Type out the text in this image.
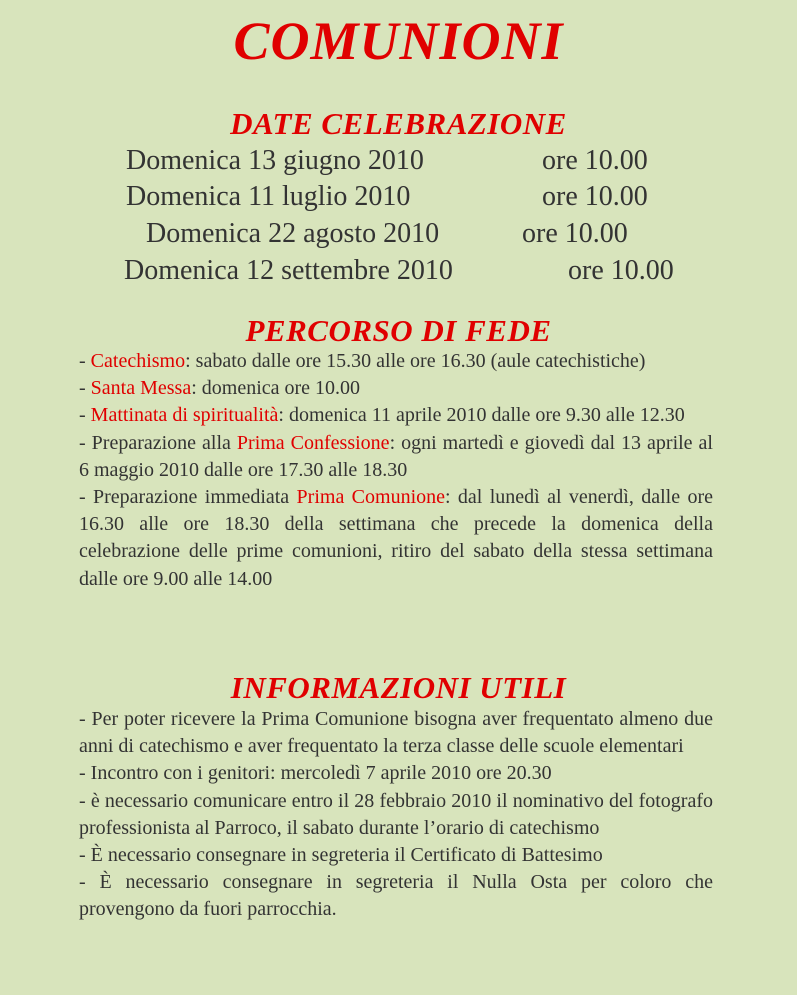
COMUNIONI
DATE CELEBRAZIONE
Domenica 13 giugno 2010	ore 10.00
Domenica 11 luglio 2010	ore 10.00
Domenica 22 agosto 2010	ore 10.00
Domenica 12 settembre 2010	ore 10.00
PERCORSO DI FEDE

- Catechismo: sabato dalle ore 15.30 alle ore 16.30 (aule catechistiche)

- Santa Messa: domenica ore 10.00

- Mattinata di spiritualità: domenica 11 aprile 2010 dalle ore 9.30 alle 12.30

- Preparazione alla Prima Confessione: ogni martedì e giovedì dal 13 aprile al 6 maggio 2010 dalle ore 17.30 alle 18.30

- Preparazione immediata Prima Comunione: dal lunedì al venerdì, dalle ore 16.30 alle ore 18.30 della settimana che precede la domenica della celebrazione delle prime comunioni, ritiro del sabato della stessa settimana dalle ore 9.00 alle 14.00

INFORMAZIONI UTILI

- Per poter ricevere la Prima Comunione bisogna aver frequentato almeno due anni di catechismo e aver frequentato la terza classe delle scuole elementari

- Incontro con i genitori: mercoledì 7 aprile 2010 ore 20.30

- è necessario comunicare entro il 28 febbraio 2010 il nominativo del fotografo professionista al Parroco, il sabato durante l’orario di catechismo

- È necessario consegnare in segreteria il Certificato di Battesimo

- È necessario consegnare in segreteria il Nulla Osta per coloro che provengono da fuori parrocchia.
